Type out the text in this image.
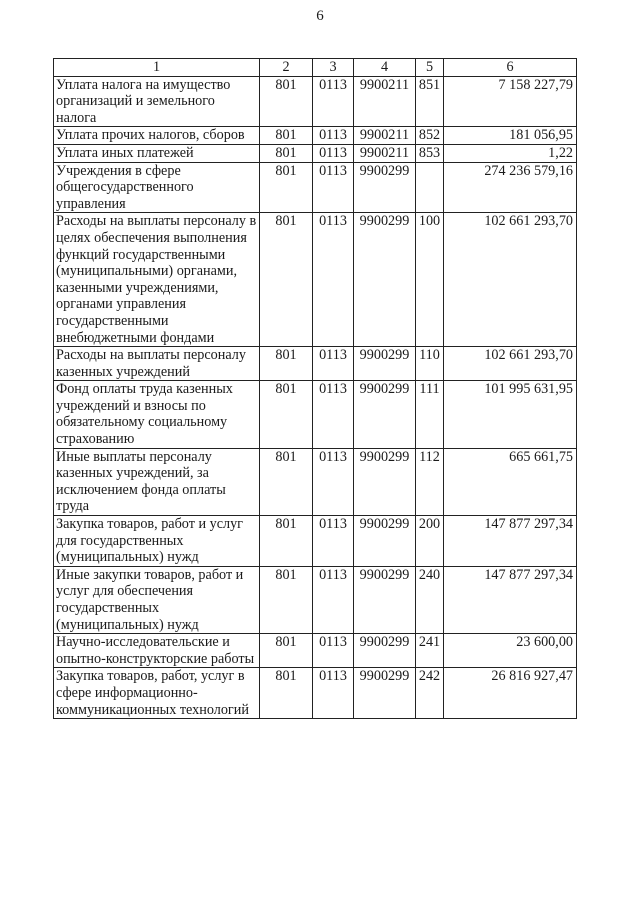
6
1	2	3	4	5	6
Уплата налога на имущество организаций и земельного налога	801	0113	9900211	851	7 158 227,79
Уплата прочих налогов, сборов	801	0113	9900211	852	181 056,95
Уплата иных платежей	801	0113	9900211	853	1,22
Учреждения в сфере общегосударственного управления	801	0113	9900299		274 236 579,16
Расходы на выплаты персоналу в целях обеспечения выполнения функций государственными (муниципальными) органами, казенными учреждениями, органами управления государственными внебюджетными фондами	801	0113	9900299	100	102 661 293,70
Расходы на выплаты персоналу казенных учреждений	801	0113	9900299	110	102 661 293,70
Фонд оплаты труда казенных учреждений и взносы по обязательному социальному страхованию	801	0113	9900299	111	101 995 631,95
Иные выплаты персоналу казенных учреждений, за исключением фонда оплаты труда	801	0113	9900299	112	665 661,75
Закупка товаров, работ и услуг для государственных (муниципальных) нужд	801	0113	9900299	200	147 877 297,34
Иные закупки товаров, работ и услуг для обеспечения государственных (муниципальных) нужд	801	0113	9900299	240	147 877 297,34
Научно-исследовательские и опытно-конструкторские работы	801	0113	9900299	241	23 600,00
Закупка товаров, работ, услуг в сфере информационно-коммуникационных технологий	801	0113	9900299	242	26 816 927,47
